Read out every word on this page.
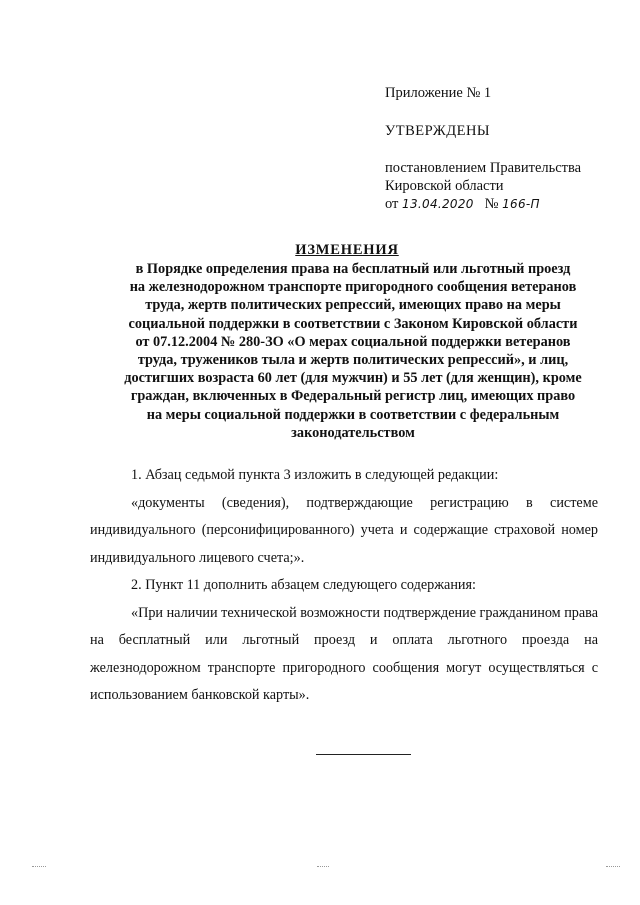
Приложение № 1
УТВЕРЖДЕНЫ
постановлением Правительства
Кировской области
от 13.04.2020 № 166-П
ИЗМЕНЕНИЯ
в Порядке определения права на бесплатный или льготный проезд
на железнодорожном транспорте пригородного сообщения ветеранов
труда, жертв политических репрессий, имеющих право на меры
социальной поддержки в соответствии с Законом Кировской области
от 07.12.2004 № 280-ЗО «О мерах социальной поддержки ветеранов
труда, тружеников тыла и жертв политических репрессий», и лиц,
достигших возраста 60 лет (для мужчин) и 55 лет (для женщин), кроме
граждан, включенных в Федеральный регистр лиц, имеющих право
на меры социальной поддержки в соответствии с федеральным
законодательством
1. Абзац седьмой пункта 3 изложить в следующей редакции:
«документы (сведения), подтверждающие регистрацию в системе индивидуального (персонифицированного) учета и содержащие страховой номер индивидуального лицевого счета;».
2. Пункт 11 дополнить абзацем следующего содержания:
«При наличии технической возможности подтверждение гражданином права на бесплатный или льготный проезд и оплата льготного проезда на железнодорожном транспорте пригородного сообщения могут осуществляться с использованием банковской карты».
